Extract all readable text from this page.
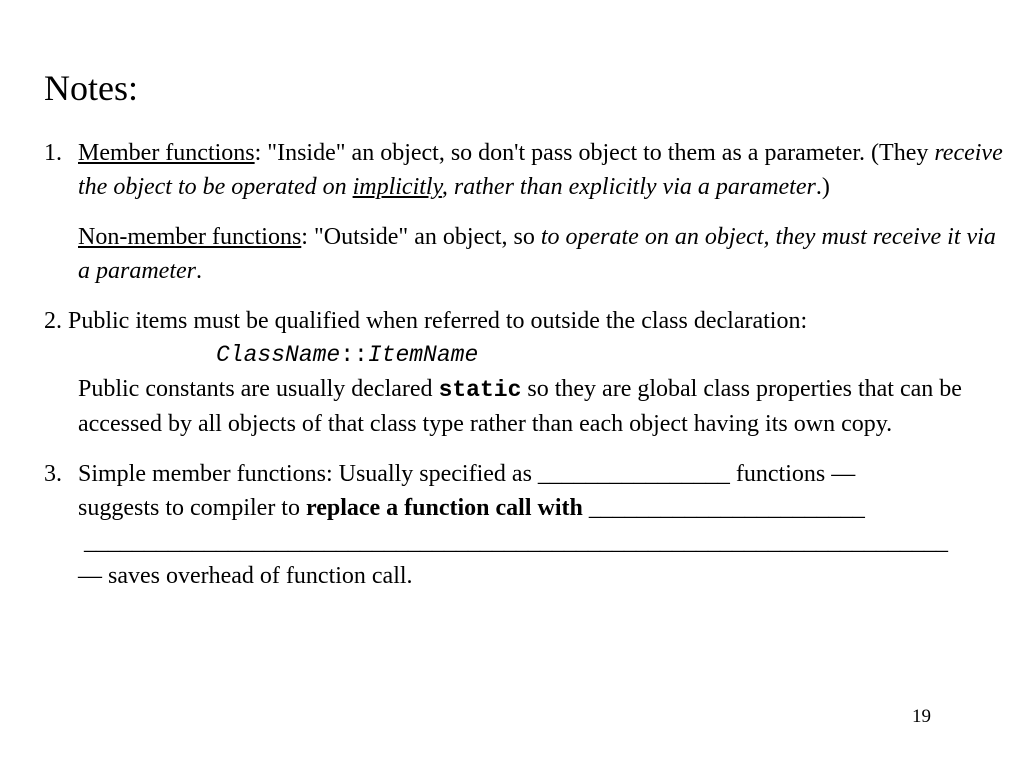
Notes:
1. Member functions: "Inside" an object, so don't pass object to them as a parameter. (They receive the object to be operated on implicitly, rather than explicitly via a parameter.)
Non-member functions: "Outside" an object, so to operate on an object, they must receive it via a parameter.
2. Public items must be qualified when referred to outside the class declaration:
ClassName::ItemName
Public constants are usually declared static so they are global class properties that can be accessed by all objects of that class type rather than each object having its own copy.
3. Simple member functions: Usually specified as ________________ functions —
suggests to compiler to replace a function call with _______________________
________________________________________________________________________
— saves overhead of function call.
19
